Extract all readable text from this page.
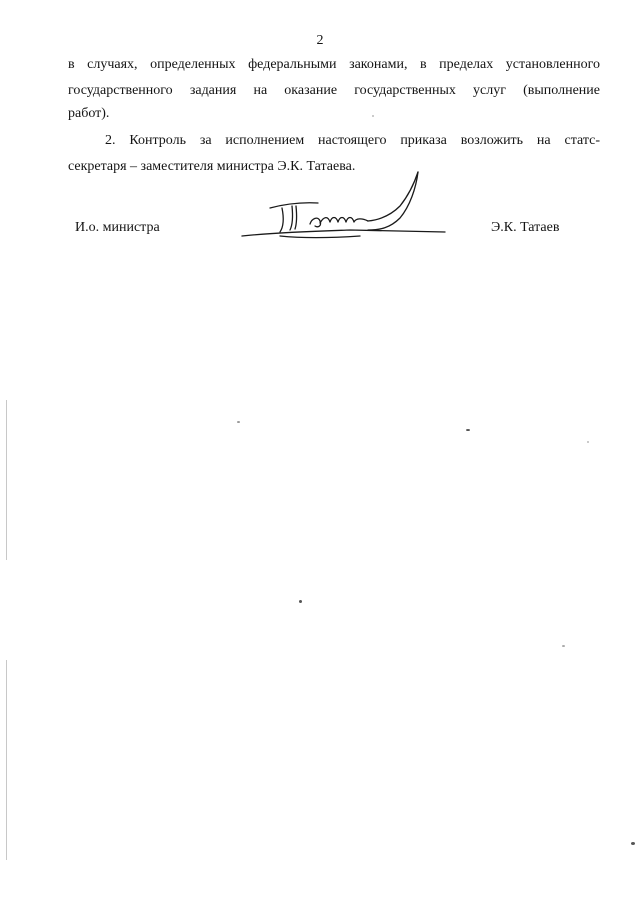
2
в случаях, определенных федеральными законами, в пределах установленного
государственного задания на оказание государственных услуг (выполнение
работ).
2. Контроль за исполнением настоящего приказа возложить на статс-
секретаря – заместителя министра Э.К. Татаева.
И.о. министра	Э.К. Татаев
